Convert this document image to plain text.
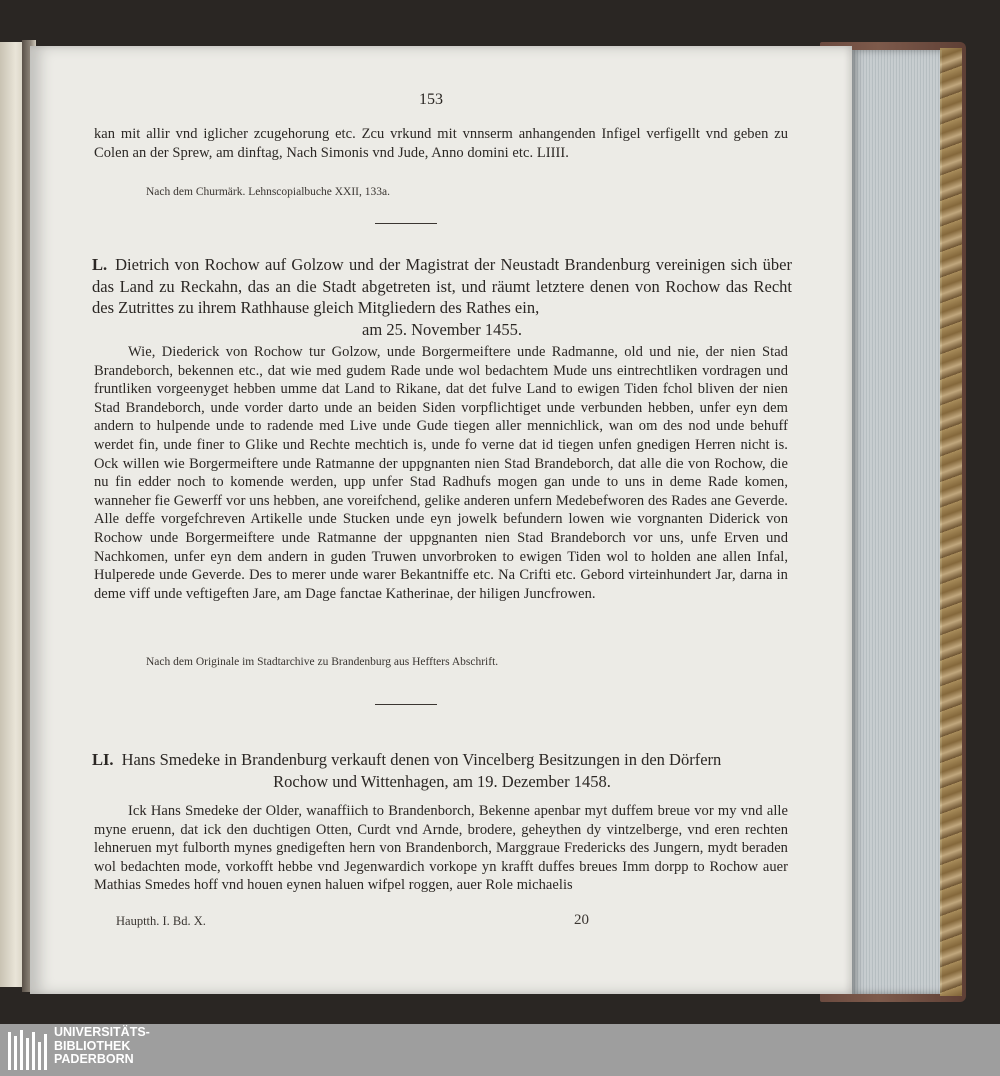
153

kan mit allir vnd iglicher zcugehorung etc. Zcu vrkund mit vnnserm anhangenden Infigel verfigellt vnd geben zu Colen an der Sprew, am dinftag, Nach Simonis vnd Jude, Anno domini etc. LIIII.

Nach dem Churmärk. Lehnscopialbuche XXII, 133a.
L. Dietrich von Rochow auf Golzow und der Magistrat der Neustadt Brandenburg vereinigen sich über das Land zu Reckahn, das an die Stadt abgetreten ist, und räumt letztere denen von Rochow das Recht des Zutrittes zu ihrem Rathhause gleich Mitgliedern des Rathes ein,
am 25. November 1455.

Wie, Diederick von Rochow tur Golzow, unde Borgermeiftere unde Radmanne, old und nie, der nien Stad Brandeborch, bekennen etc., dat wie med gudem Rade unde wol bedachtem Mude uns eintrechtliken vordragen und fruntliken vorgeenyget hebben umme dat Land to Rikane, dat det fulve Land to ewigen Tiden fchol bliven der nien Stad Brandeborch, unde vorder darto unde an beiden Siden vorpflichtiget unde verbunden hebben, unfer eyn dem andern to hulpende unde to radende med Live unde Gude tiegen aller mennichlick, wan om des nod unde behuff werdet fin, unde finer to Glike und Rechte mechtich is, unde fo verne dat id tiegen unfen gnedigen Herren nicht is. Ock willen wie Borgermeiftere unde Ratmanne der uppgnanten nien Stad Brandeborch, dat alle die von Rochow, die nu fin edder noch to komende werden, upp unfer Stad Radhufs mogen gan unde to uns in deme Rade komen, wanneher fie Gewerff vor uns hebben, ane voreifchend, gelike anderen unfern Medebefworen des Rades ane Geverde. Alle deffe vorgefchreven Artikelle unde Stucken unde eyn jowelk befundern lowen wie vorgnanten Diderick von Rochow unde Borgermeiftere unde Ratmanne der uppgnanten nien Stad Brandeborch vor uns, unfe Erven und Nachkomen, unfer eyn dem andern in guden Truwen unvorbroken to ewigen Tiden wol to holden ane allen Infal, Hulperede unde Geverde. Des to merer unde warer Bekantniffe etc. Na Crifti etc. Gebord virteinhundert Jar, darna in deme viff unde veftigeften Jare, am Dage fanctae Katherinae, der hiligen Juncfrowen.

Nach dem Originale im Stadtarchive zu Brandenburg aus Heffters Abschrift.
LI. Hans Smedeke in Brandenburg verkauft denen von Vincelberg Besitzungen in den Dörfern
Rochow und Wittenhagen, am 19. Dezember 1458.

Ick Hans Smedeke der Older, wanaffiich to Brandenborch, Bekenne apenbar myt duffem breue vor my vnd alle myne eruenn, dat ick den duchtigen Otten, Curdt vnd Arnde, brodere, geheythen dy vintzelberge, vnd eren rechten lehneruen myt fulborth mynes gnedigeften hern von Brandenborch, Marggraue Fredericks des Jungern, mydt beraden wol bedachten mode, vorkofft hebbe vnd Jegenwardich vorkope yn krafft duffes breues Imm dorpp to Rochow auer Mathias Smedes hoff vnd houen eynen haluen wifpel roggen, auer Role michaelis

Hauptth. I. Bd. X.	20
UNIVERSITÄTS-
BIBLIOTHEK
PADERBORN
